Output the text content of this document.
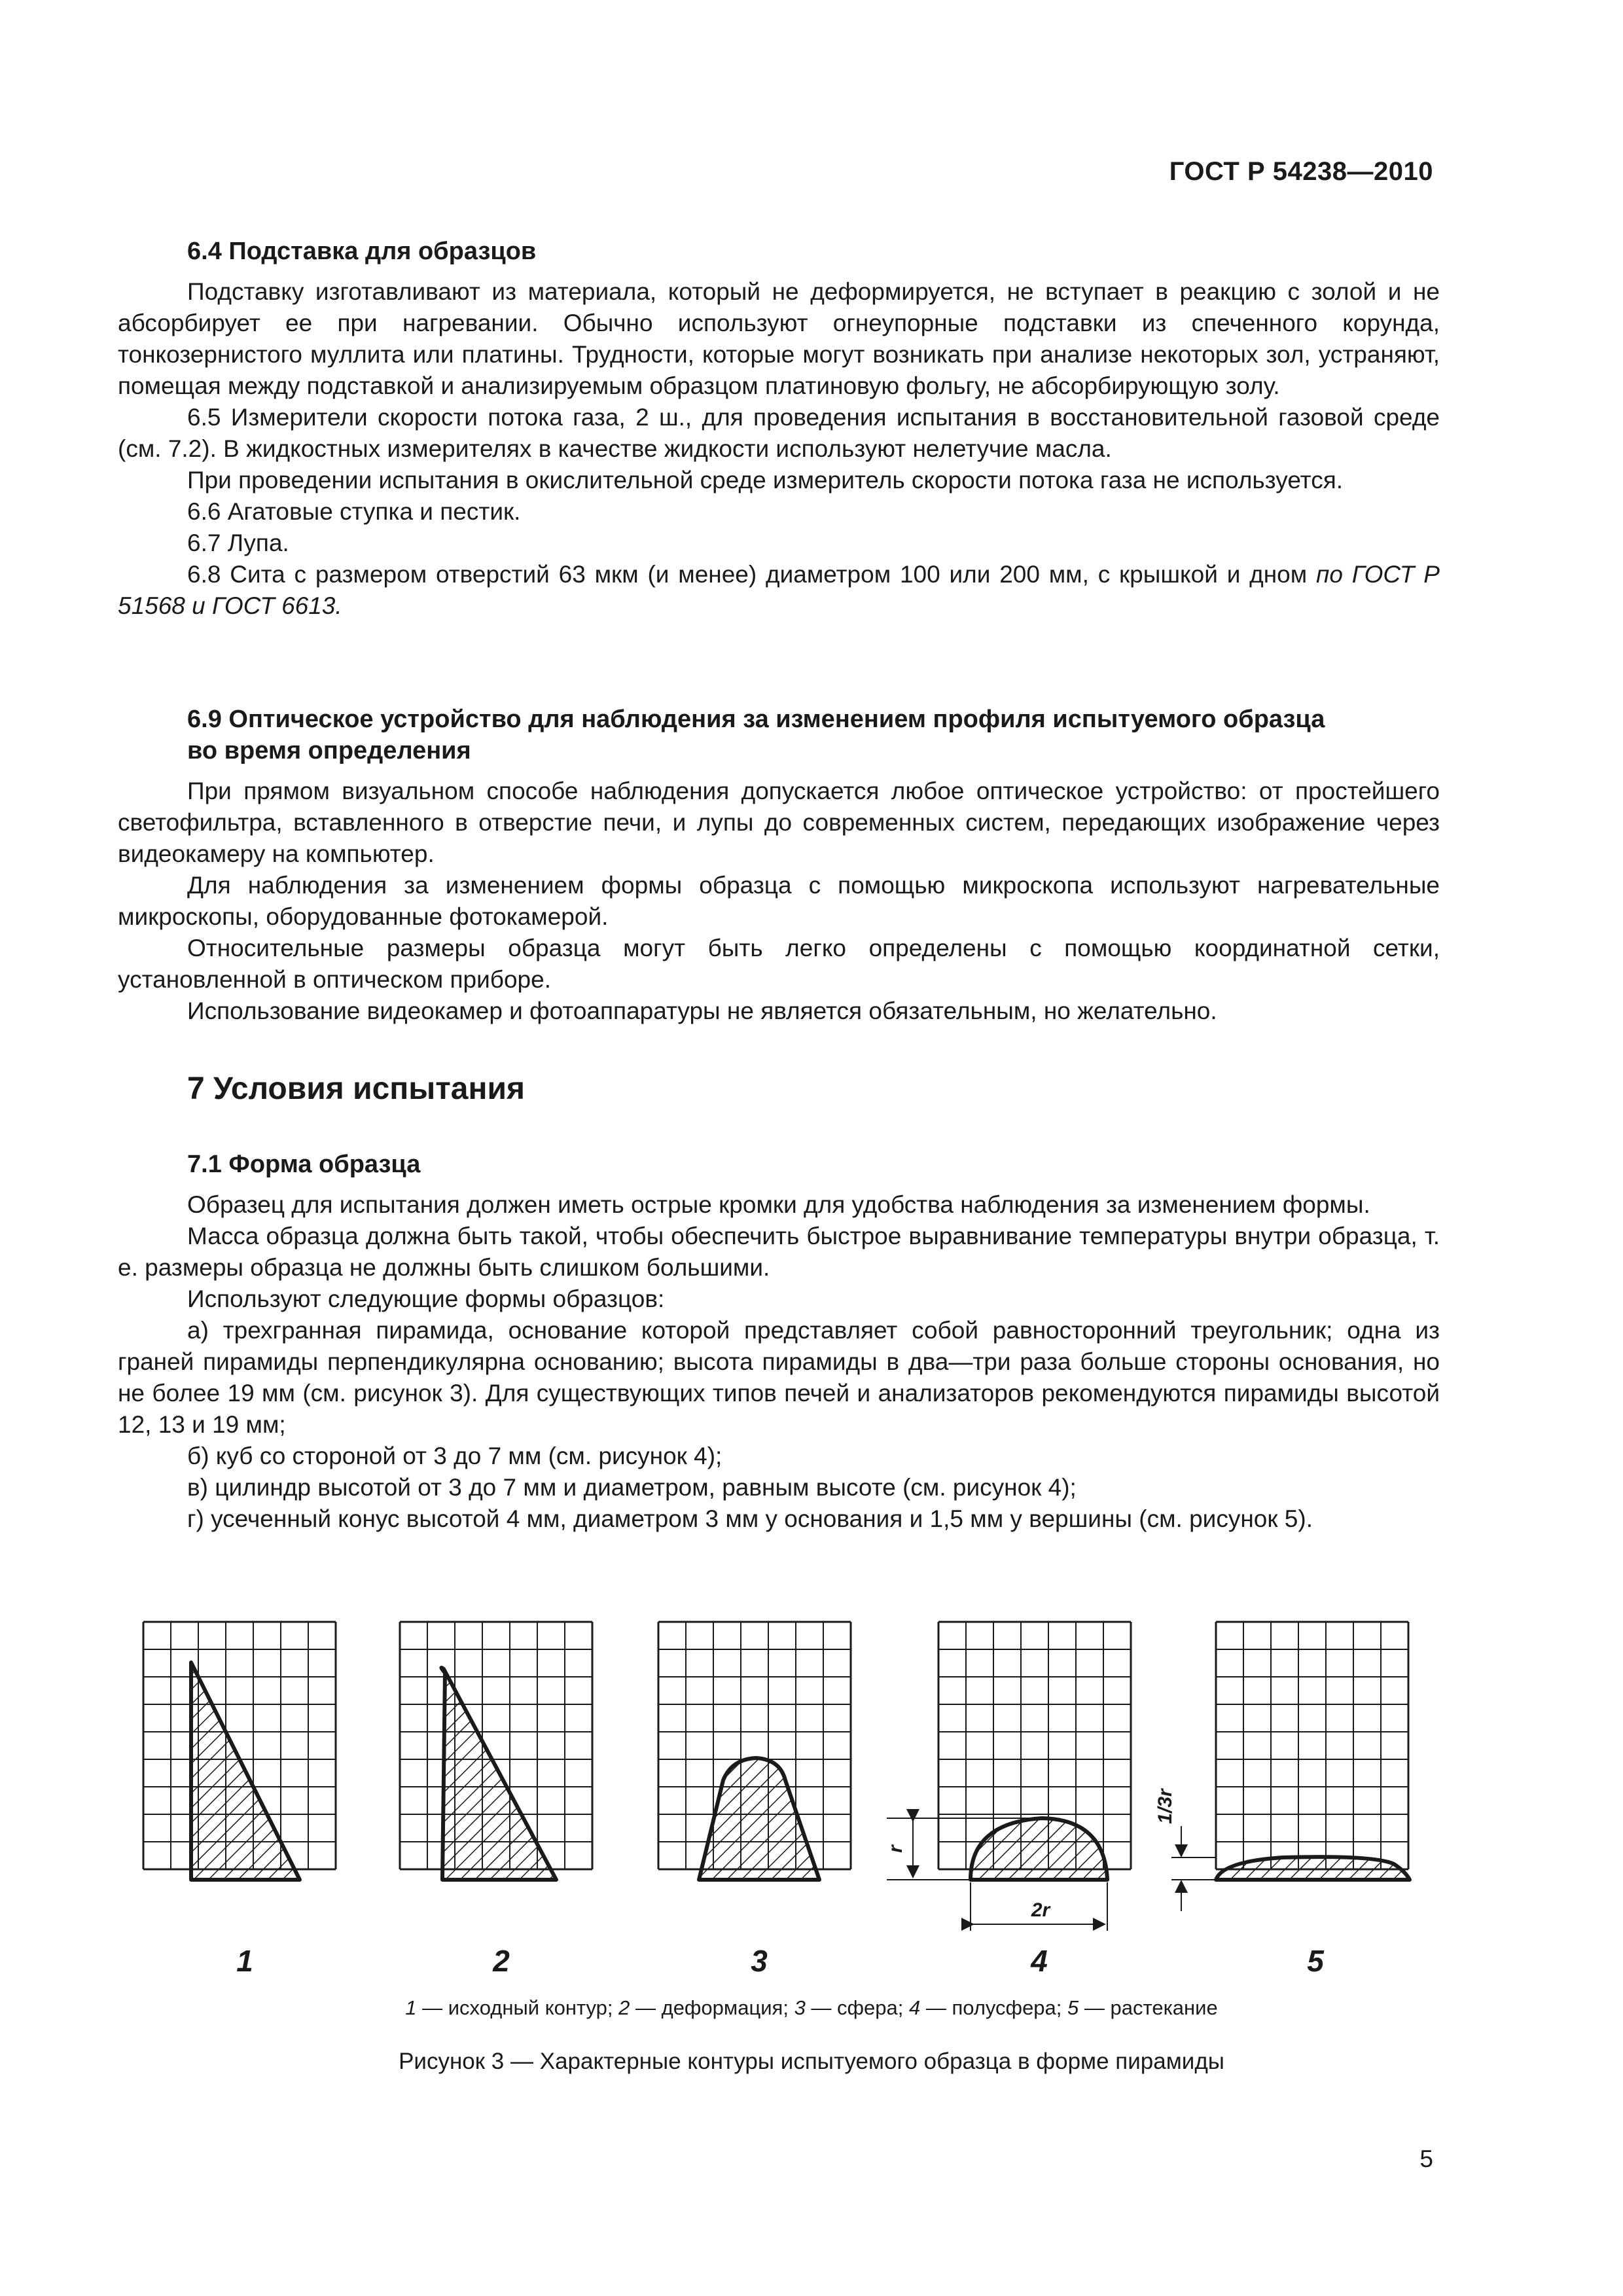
ГОСТ Р 54238—2010

6.4 Подставка для образцов

Подставку изготавливают из материала, который не деформируется, не вступает в реакцию с золой и не абсорбирует ее при нагревании. Обычно используют огнеупорные подставки из спеченного корунда, тонкозернистого муллита или платины. Трудности, которые могут возникать при анализе некоторых зол, устраняют, помещая между подставкой и анализируемым образцом платиновую фольгу, не абсорбирующую золу.

6.5 Измерители скорости потока газа, 2 ш., для проведения испытания в восстановительной газовой среде (см. 7.2). В жидкостных измерителях в качестве жидкости используют нелетучие масла.

При проведении испытания в окислительной среде измеритель скорости потока газа не используется.

6.6 Агатовые ступка и пестик.

6.7 Лупа.

6.8 Сита с размером отверстий 63 мкм (и менее) диаметром 100 или 200 мм, с крышкой и дном по ГОСТ Р 51568 и ГОСТ 6613.

6.9 Оптическое устройство для наблюдения за изменением профиля испытуемого образца во время определения

При прямом визуальном способе наблюдения допускается любое оптическое устройство: от простейшего светофильтра, вставленного в отверстие печи, и лупы до современных систем, передающих изображение через видеокамеру на компьютер.

Для наблюдения за изменением формы образца с помощью микроскопа используют нагревательные микроскопы, оборудованные фотокамерой.

Относительные размеры образца могут быть легко определены с помощью координатной сетки, установленной в оптическом приборе.

Использование видеокамер и фотоаппаратуры не является обязательным, но желательно.

7 Условия испытания

7.1 Форма образца

Образец для испытания должен иметь острые кромки для удобства наблюдения за изменением формы.

Масса образца должна быть такой, чтобы обеспечить быстрое выравнивание температуры внутри образца, т. е. размеры образца не должны быть слишком большими.

Используют следующие формы образцов:

а) трехгранная пирамида, основание которой представляет собой равносторонний треугольник; одна из граней пирамиды перпендикулярна основанию; высота пирамиды в два—три раза больше стороны основания, но не более 19 мм (см. рисунок 3). Для существующих типов печей и анализаторов рекомендуются пирамиды высотой 12, 13 и 19 мм;

б) куб со стороной от 3 до 7 мм (см. рисунок 4);

в) цилиндр высотой от 3 до 7 мм и диаметром, равным высоте (см. рисунок 4);

г) усеченный конус высотой 4 мм, диаметром 3 мм у основания и 1,5 мм у вершины (см. рисунок 5).

r
2r
1/3r
1	2	3	4	5
1 — исходный контур; 2 — деформация; 3 — сфера; 4 — полусфера; 5 — растекание
Рисунок 3 — Характерные контуры испытуемого образца в форме пирамиды
5
